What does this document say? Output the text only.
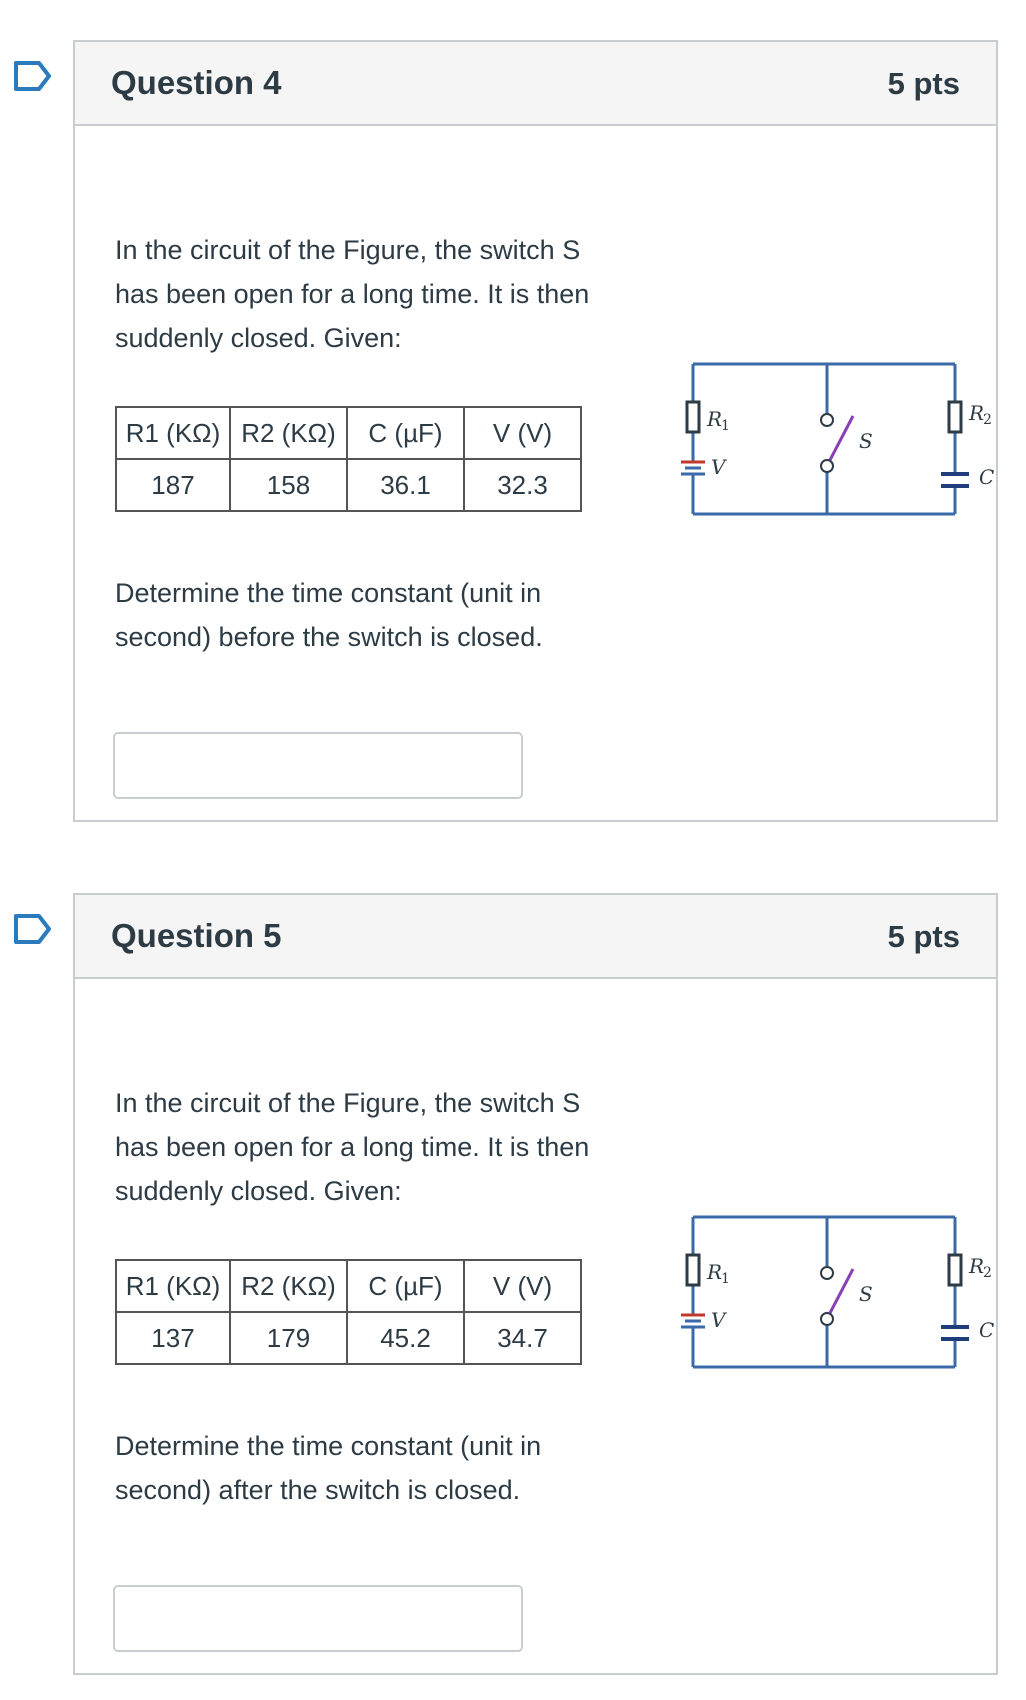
Question 4	5 pts
In the circuit of the Figure, the switch S has been open for a long time. It is then suddenly closed. Given:
R1 (KΩ)	R2 (KΩ)	C (µF)	V (V)
187	158	36.1	32.3
Determine the time constant (unit in second) before the switch is closed.
R
1
R
2
V	C
S
Question 5	5 pts
In the circuit of the Figure, the switch S has been open for a long time. It is then suddenly closed. Given:
R1 (KΩ)	R2 (KΩ)	C (µF)	V (V)
137	179	45.2	34.7
Determine the time constant (unit in second) after the switch is closed.
R
1
R
2
V	C
S
